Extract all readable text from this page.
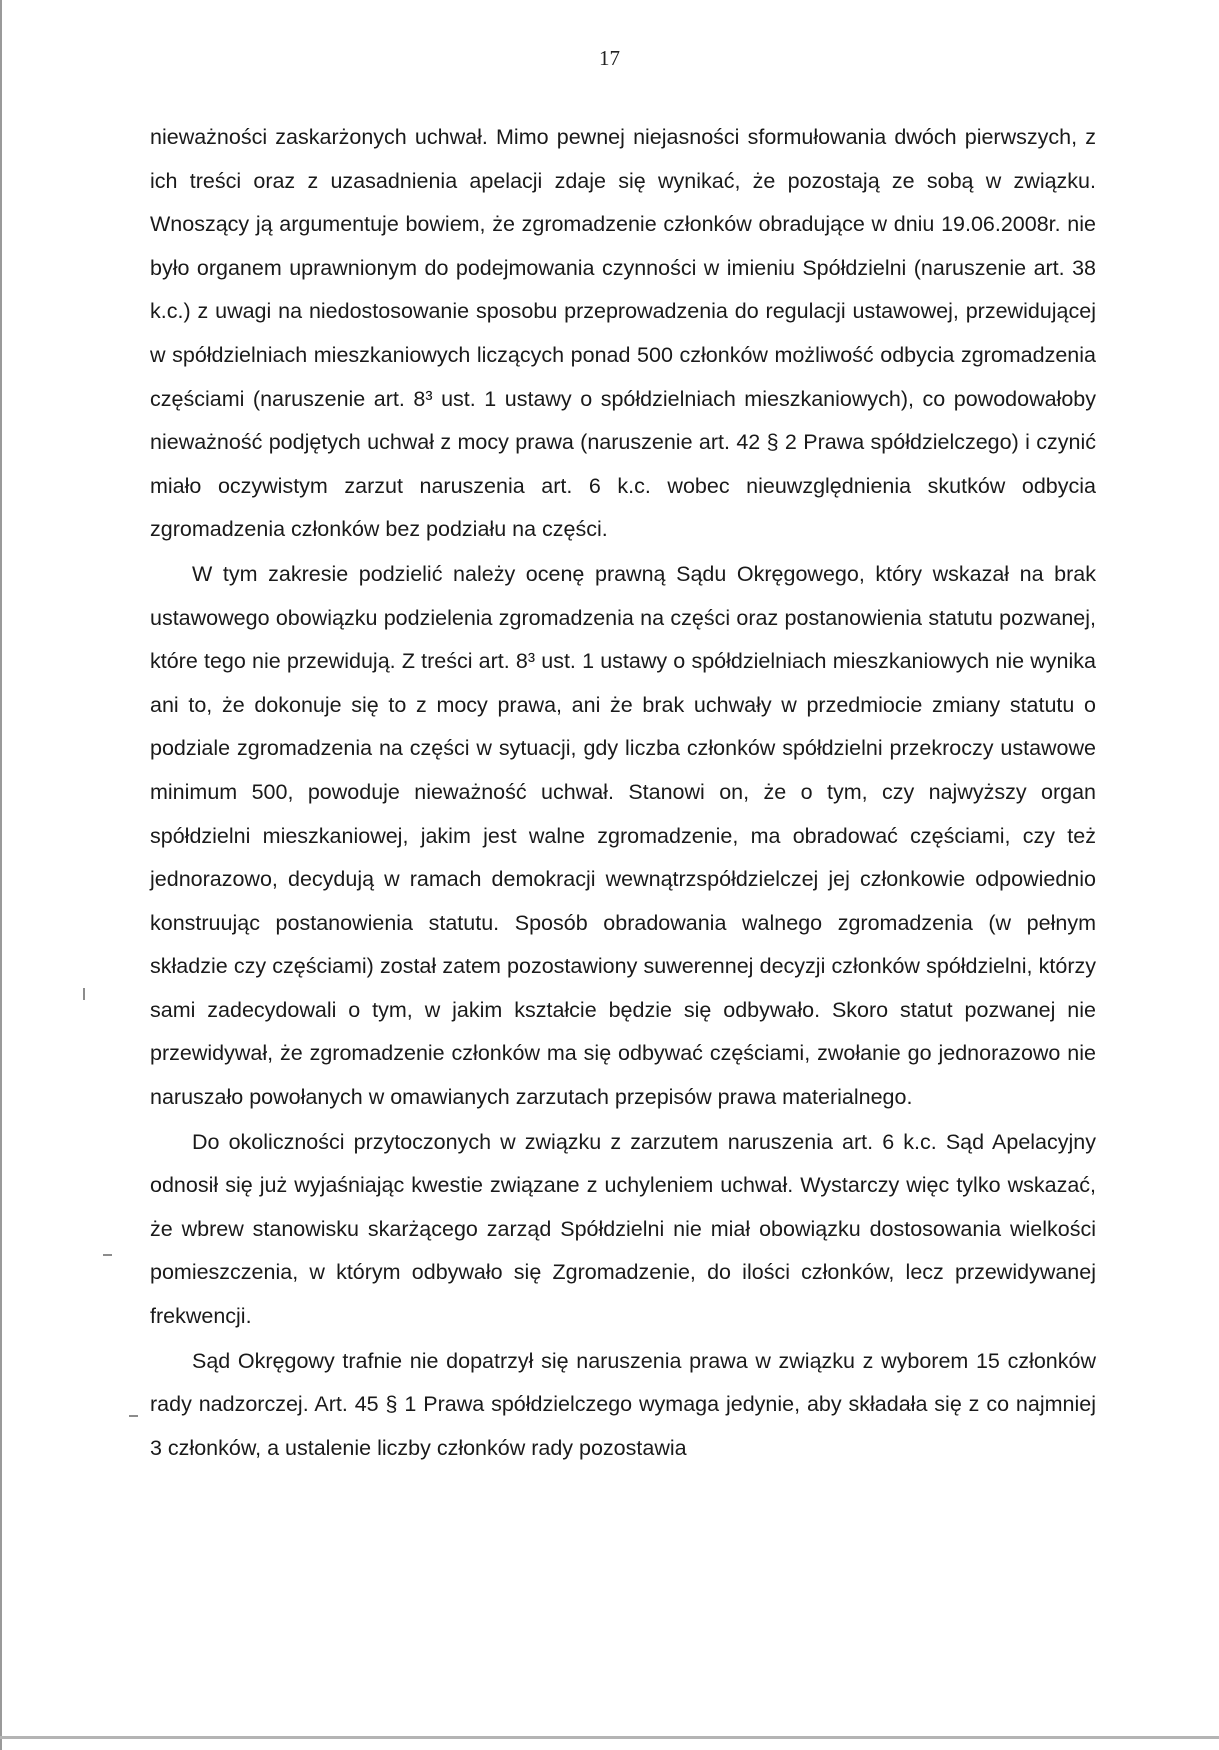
17

nieważności zaskarżonych uchwał. Mimo pewnej niejasności sformułowania dwóch pierwszych, z ich treści oraz z uzasadnienia apelacji zdaje się wynikać, że pozostają ze sobą w związku. Wnoszący ją argumentuje bowiem, że zgromadzenie członków obradujące w dniu 19.06.2008r. nie było organem uprawnionym do podejmowania czynności w imieniu Spółdzielni (naruszenie art. 38 k.c.) z uwagi na niedostosowanie sposobu przeprowadzenia do regulacji ustawowej, przewidującej w spółdzielniach mieszkaniowych liczących ponad 500 członków możliwość odbycia zgromadzenia częściami (naruszenie art. 8³ ust. 1 ustawy o spółdzielniach mieszkaniowych), co powodowałoby nieważność podjętych uchwał z mocy prawa (naruszenie art. 42 § 2 Prawa spółdzielczego) i czynić miało oczywistym zarzut naruszenia art. 6 k.c. wobec nieuwzględnienia skutków odbycia zgromadzenia członków bez podziału na części.

W tym zakresie podzielić należy ocenę prawną Sądu Okręgowego, który wskazał na brak ustawowego obowiązku podzielenia zgromadzenia na części oraz postanowienia statutu pozwanej, które tego nie przewidują. Z treści art. 8³ ust. 1 ustawy o spółdzielniach mieszkaniowych nie wynika ani to, że dokonuje się to z mocy prawa, ani że brak uchwały w przedmiocie zmiany statutu o podziale zgromadzenia na części w sytuacji, gdy liczba członków spółdzielni przekroczy ustawowe minimum 500, powoduje nieważność uchwał. Stanowi on, że o tym, czy najwyższy organ spółdzielni mieszkaniowej, jakim jest walne zgromadzenie, ma obradować częściami, czy też jednorazowo, decydują w ramach demokracji wewnątrzspółdzielczej jej członkowie odpowiednio konstruując postanowienia statutu. Sposób obradowania walnego zgromadzenia (w pełnym składzie czy częściami) został zatem pozostawiony suwerennej decyzji członków spółdzielni, którzy sami zadecydowali o tym, w jakim kształcie będzie się odbywało. Skoro statut pozwanej nie przewidywał, że zgromadzenie członków ma się odbywać częściami, zwołanie go jednorazowo nie naruszało powołanych w omawianych zarzutach przepisów prawa materialnego.

Do okoliczności przytoczonych w związku z zarzutem naruszenia art. 6 k.c. Sąd Apelacyjny odnosił się już wyjaśniając kwestie związane z uchyleniem uchwał. Wystarczy więc tylko wskazać, że wbrew stanowisku skarżącego zarząd Spółdzielni nie miał obowiązku dostosowania wielkości pomieszczenia, w którym odbywało się Zgromadzenie, do ilości członków, lecz przewidywanej frekwencji.

Sąd Okręgowy trafnie nie dopatrzył się naruszenia prawa w związku z wyborem 15 członków rady nadzorczej. Art. 45 § 1 Prawa spółdzielczego wymaga jedynie, aby składała się z co najmniej 3 członków, a ustalenie liczby członków rady pozostawia
